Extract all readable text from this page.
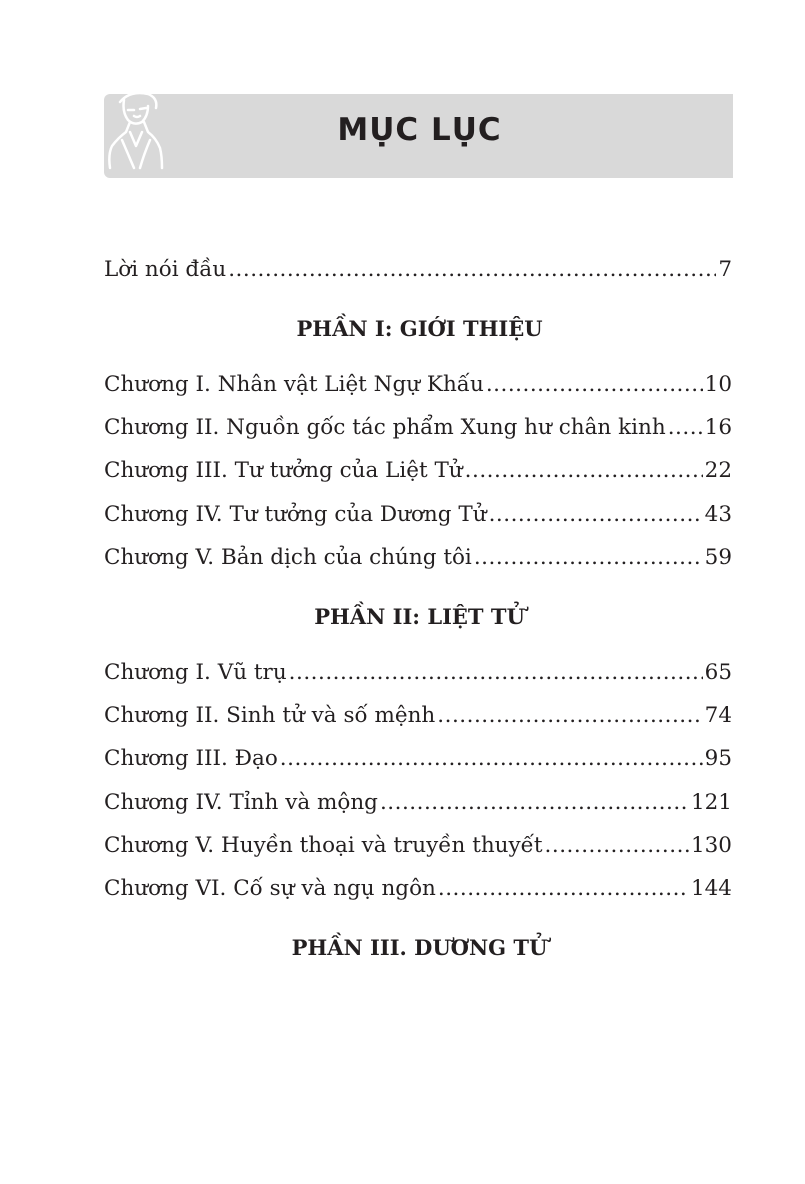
MỤC LỤC
Lời nói đầu .....	7
PHẦN I: GIỚI THIỆU
Chương I. Nhân vật Liệt Ngự Khấu .....	10
Chương II. Nguồn gốc tác phẩm Xung hư chân kinh ..... 16
Chương III. Tư tưởng của Liệt Tử .....	22
Chương IV. Tư tưởng của Dương Tử .....	43
Chương V. Bản dịch của chúng tôi .....	59
PHẦN II: LIỆT TỬ
Chương I. Vũ trụ .....	65
Chương II. Sinh tử và số mệnh .....	74
Chương III. Đạo .....	95
Chương IV. Tỉnh và mộng .....	121
Chương V. Huyền thoại và truyền thuyết .....	130
Chương VI. Cố sự và ngụ ngôn .....	144
PHẦN III. DƯƠNG TỬ
